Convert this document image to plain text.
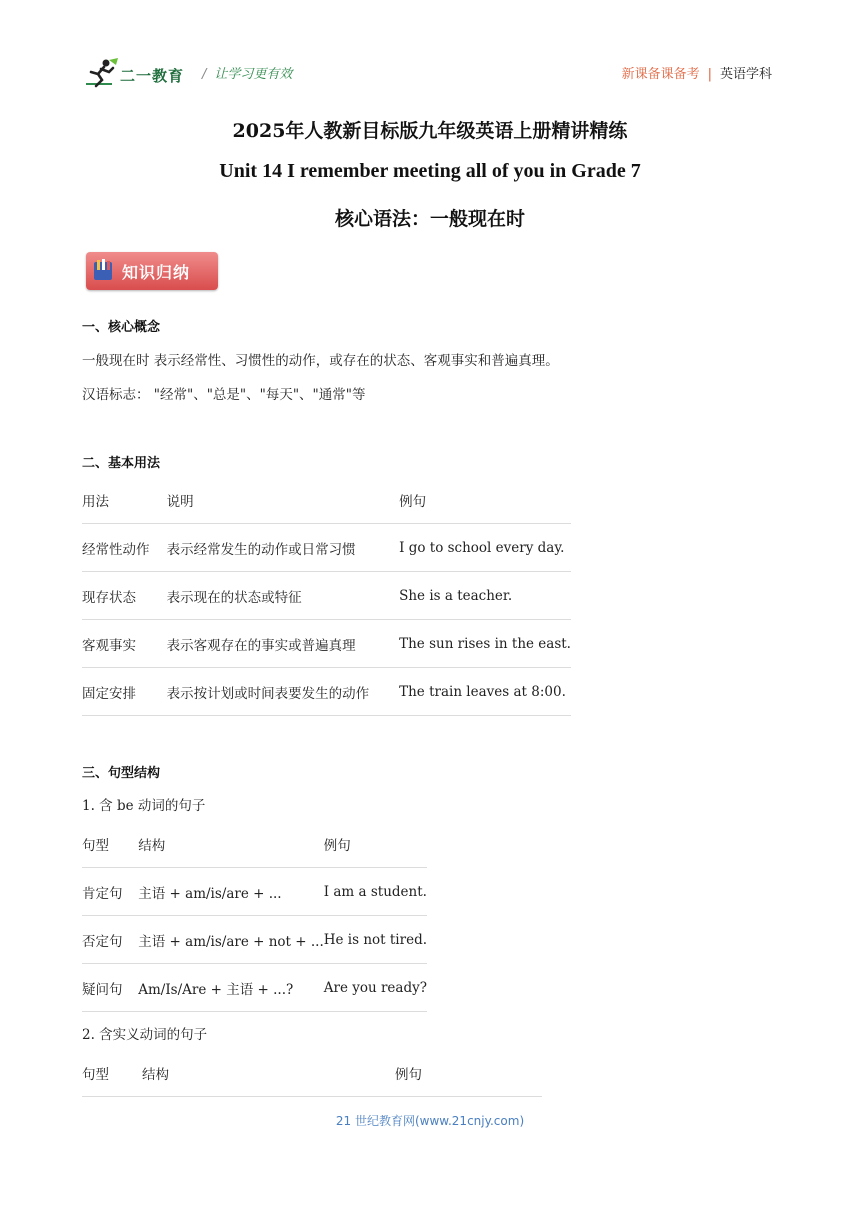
二一教育 / 让学习更有效	新课备课备考 | 英语学科
2025年人教新目标版九年级英语上册精讲精练
Unit 14 I remember meeting all of you in Grade 7
核心语法：一般现在时
知识归纳
一、核心概念
一般现在时 表示经常性、习惯性的动作，或存在的状态、客观事实和普遍真理。
汉语标志： "经常"、"总是"、"每天"、"通常"等
二、基本用法
用法	说明	例句
经常性动作	表示经常发生的动作或日常习惯	I go to school every day.
现存状态	表示现在的状态或特征	She is a teacher.
客观事实	表示客观存在的事实或普遍真理	The sun rises in the east.
固定安排	表示按计划或时间表要发生的动作	The train leaves at 8:00.
三、句型结构
1. 含 be 动词的句子
句型	结构	例句
肯定句	主语 + am/is/are + ...	I am a student.
否定句	主语 + am/is/are + not + ...	He is not tired.
疑问句	Am/Is/Are + 主语 + ...?	Are you ready?
2. 含实义动词的句子
句型	结构	例句
21 世纪教育网(www.21cnjy.com)
